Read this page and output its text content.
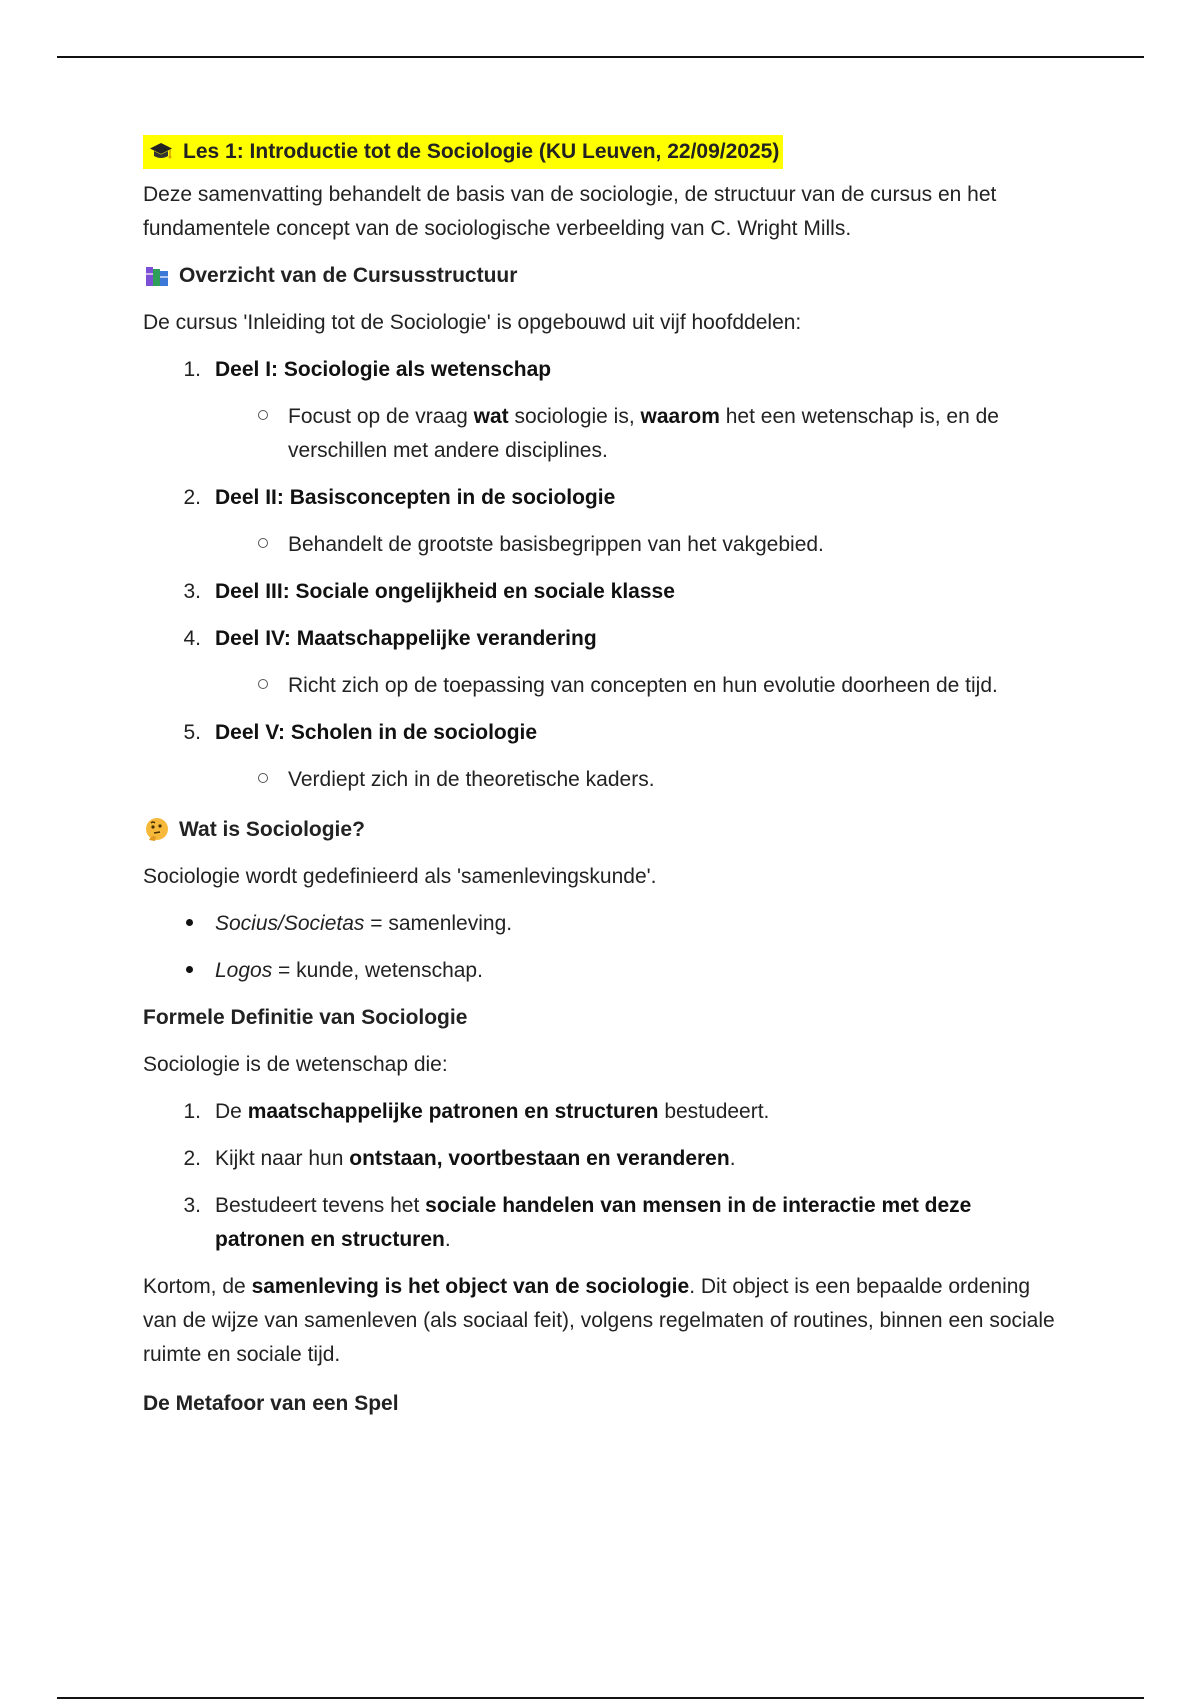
Les 1: Introductie tot de Sociologie (KU Leuven, 22/09/2025)

Deze samenvatting behandelt de basis van de sociologie, de structuur van de cursus en het fundamentele concept van de sociologische verbeelding van C. Wright Mills.

Overzicht van de Cursusstructuur

De cursus 'Inleiding tot de Sociologie' is opgebouwd uit vijf hoofddelen:

1. Deel I: Sociologie als wetenschap
Focust op de vraag wat sociologie is, waarom het een wetenschap is, en de verschillen met andere disciplines.
2. Deel II: Basisconcepten in de sociologie
Behandelt de grootste basisbegrippen van het vakgebied.
3. Deel III: Sociale ongelijkheid en sociale klasse
4. Deel IV: Maatschappelijke verandering
Richt zich op de toepassing van concepten en hun evolutie doorheen de tijd.
5. Deel V: Scholen in de sociologie
Verdiept zich in de theoretische kaders.
Wat is Sociologie?

Sociologie wordt gedefinieerd als 'samenlevingskunde'.

Socius/Societas = samenleving.
Logos = kunde, wetenschap.

Formele Definitie van Sociologie

Sociologie is de wetenschap die:

1. De maatschappelijke patronen en structuren bestudeert.
2. Kijkt naar hun ontstaan, voortbestaan en veranderen.
3. Bestudeert tevens het sociale handelen van mensen in de interactie met deze patronen en structuren.

Kortom, de samenleving is het object van de sociologie. Dit object is een bepaalde ordening van de wijze van samenleven (als sociaal feit), volgens regelmaten of routines, binnen een sociale ruimte en sociale tijd.

De Metafoor van een Spel
